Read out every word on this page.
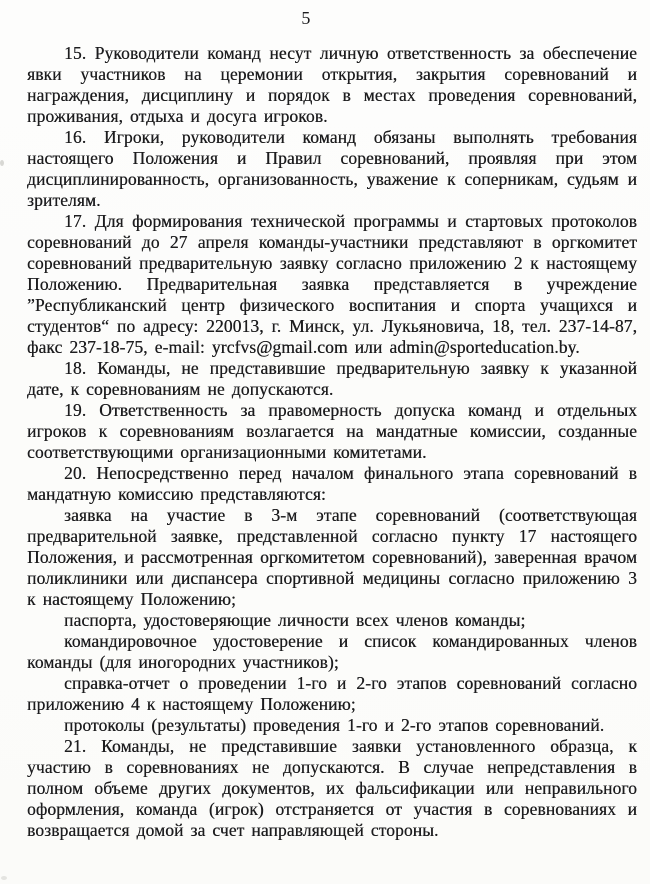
5

15. Руководители команд несут личную ответственность за обеспечение явки участников на церемонии открытия, закрытия соревнований и награждения, дисциплину и порядок в местах проведения соревнований, проживания, отдыха и досуга игроков.

16. Игроки, руководители команд обязаны выполнять требования настоящего Положения и Правил соревнований, проявляя при этом дисциплинированность, организованность, уважение к соперникам, судьям и зрителям.

17. Для формирования технической программы и стартовых протоколов соревнований до 27 апреля команды-участники представляют в оргкомитет соревнований предварительную заявку согласно приложению 2 к настоящему Положению. Предварительная заявка представляется в учреждение ”Республиканский центр физического воспитания и спорта учащихся и студентов“ по адресу: 220013, г. Минск, ул. Лукьяновича, 18, тел. 237-14-87, факс 237-18-75, e-mail: yrcfvs@gmail.com или admin@sporteducation.by.

18. Команды, не представившие предварительную заявку к указанной дате, к соревнованиям не допускаются.

19. Ответственность за правомерность допуска команд и отдельных игроков к соревнованиям возлагается на мандатные комиссии, созданные соответствующими организационными комитетами.

20. Непосредственно перед началом финального этапа соревнований в мандатную комиссию представляются:

заявка на участие в 3-м этапе соревнований (соответствующая предварительной заявке, представленной согласно пункту 17 настоящего Положения, и рассмотренная оргкомитетом соревнований), заверенная врачом поликлиники или диспансера спортивной медицины согласно приложению 3 к настоящему Положению;

паспорта, удостоверяющие личности всех членов команды;

командировочное удостоверение и список командированных членов команды (для иногородних участников);

справка-отчет о проведении 1-го и 2-го этапов соревнований согласно приложению 4 к настоящему Положению;

протоколы (результаты) проведения 1-го и 2-го этапов соревнований.

21. Команды, не представившие заявки установленного образца, к участию в соревнованиях не допускаются. В случае непредставления в полном объеме других документов, их фальсификации или неправильного оформления, команда (игрок) отстраняется от участия в соревнованиях и возвращается домой за счет направляющей стороны.
